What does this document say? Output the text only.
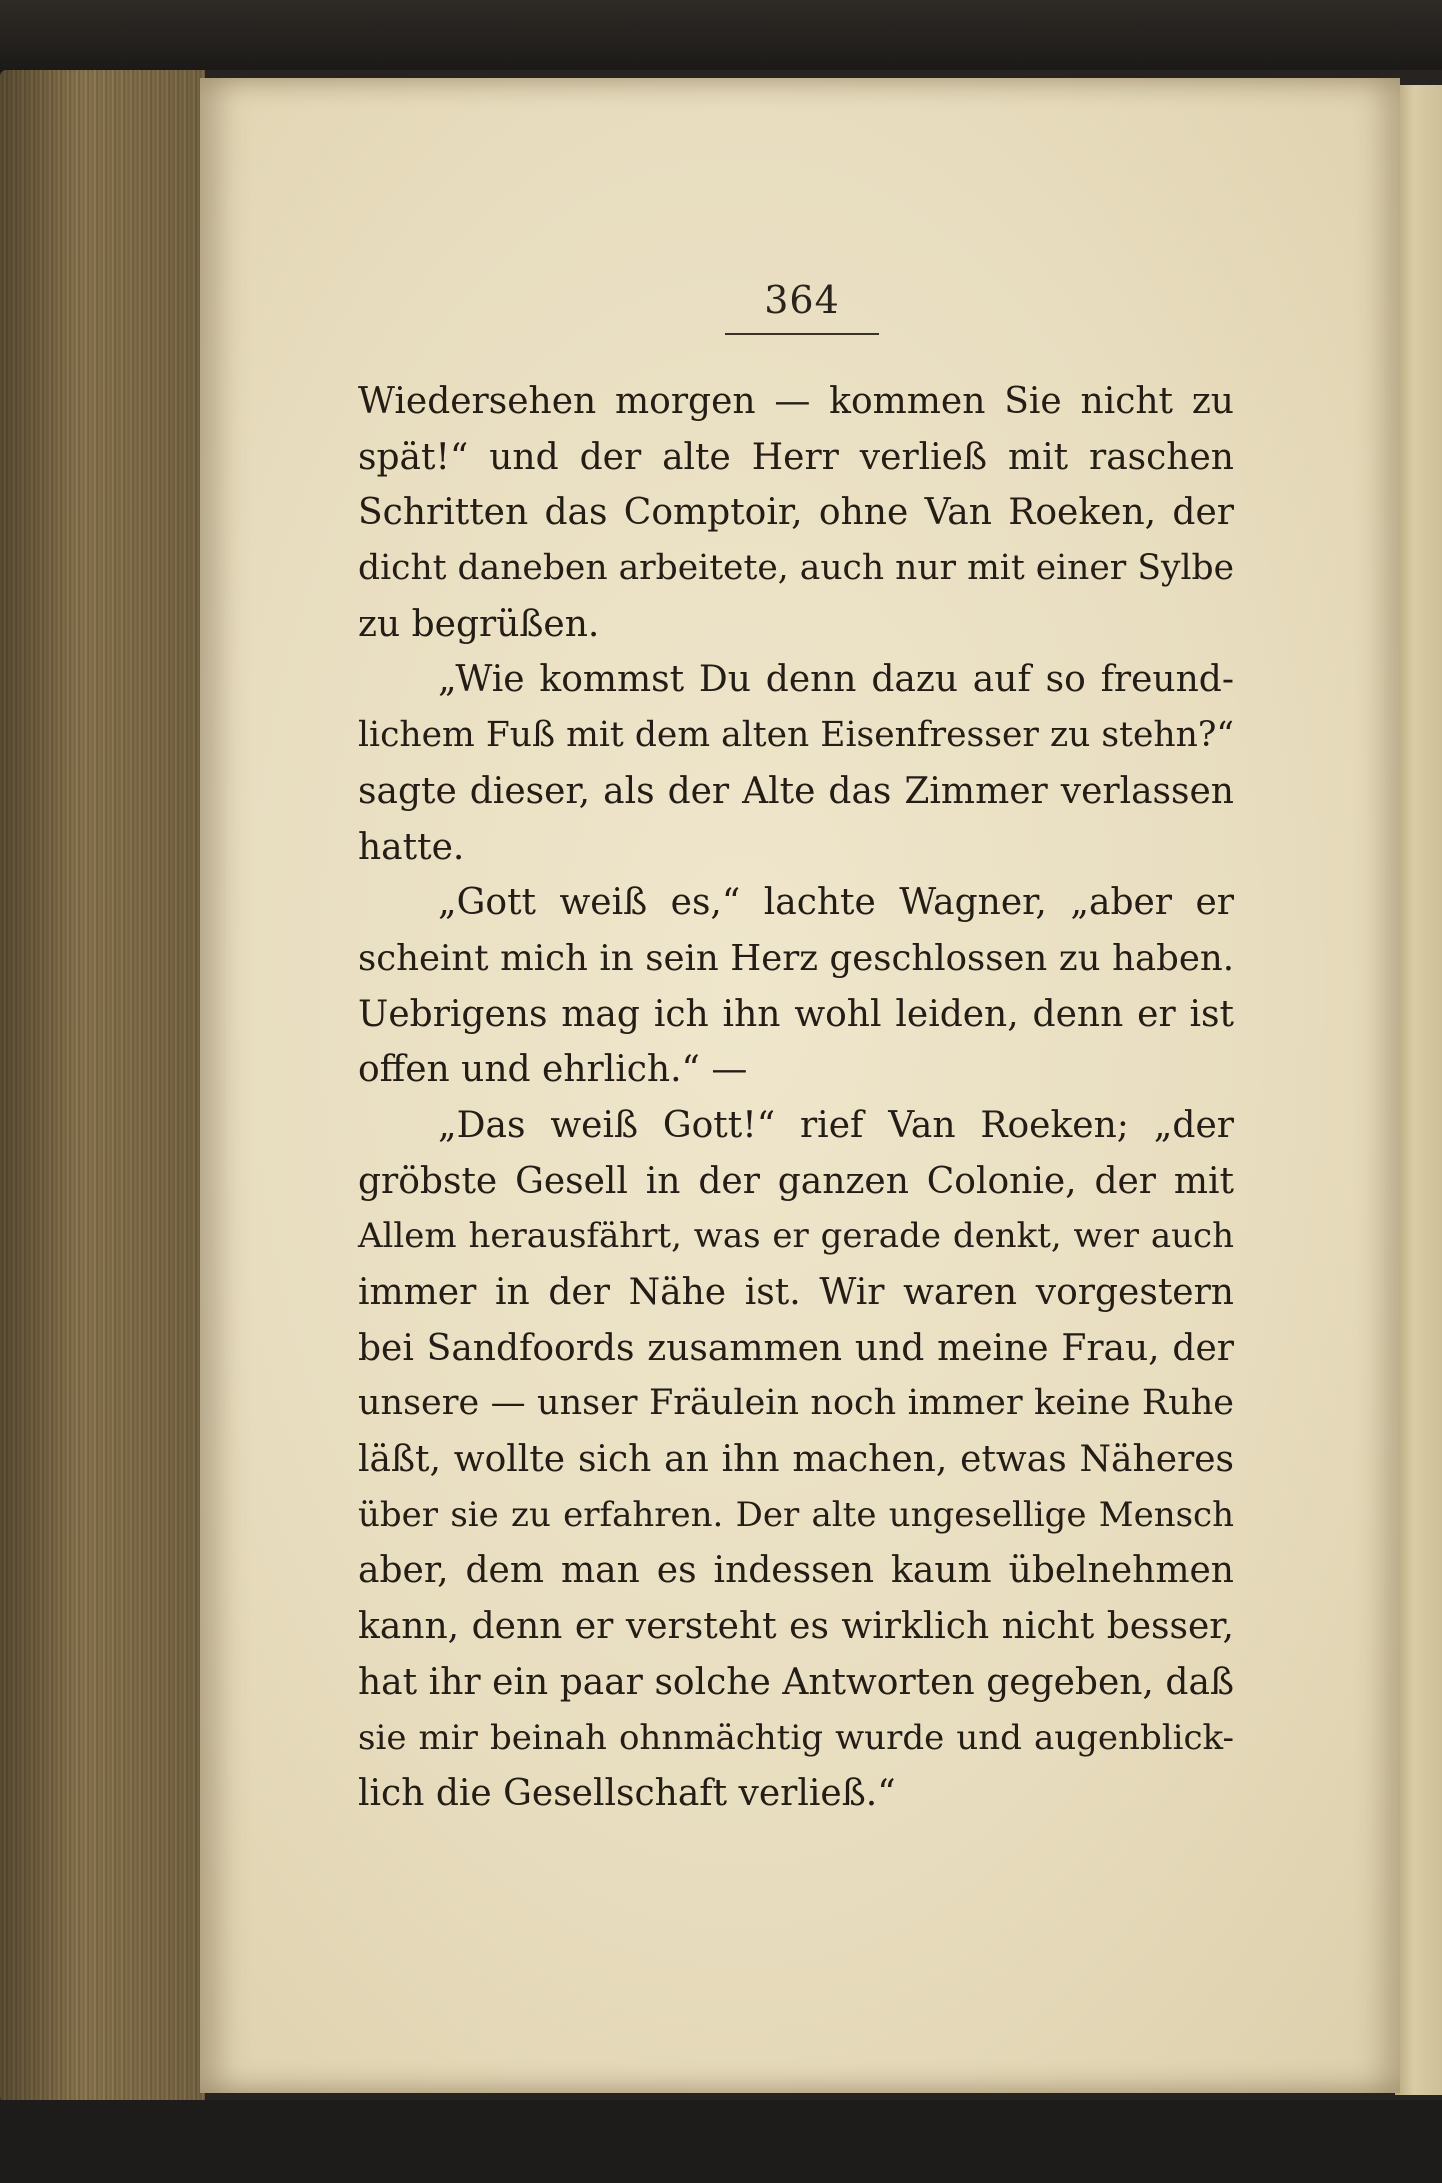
364
Wiedersehen morgen — kommen Sie nicht zu
spät!“ und der alte Herr verließ mit raschen
Schritten das Comptoir, ohne Van Roeken, der
dicht daneben arbeitete, auch nur mit einer Sylbe
zu begrüßen.
„Wie kommst Du denn dazu auf so freund-
lichem Fuß mit dem alten Eisenfresser zu stehn?“
sagte dieser, als der Alte das Zimmer verlassen
hatte.
„Gott weiß es,“ lachte Wagner, „aber er
scheint mich in sein Herz geschlossen zu haben.
Uebrigens mag ich ihn wohl leiden, denn er ist
offen und ehrlich.“ —
„Das weiß Gott!“ rief Van Roeken; „der
gröbste Gesell in der ganzen Colonie, der mit
Allem herausfährt, was er gerade denkt, wer auch
immer in der Nähe ist. Wir waren vorgestern
bei Sandfoords zusammen und meine Frau, der
unsere — unser Fräulein noch immer keine Ruhe
läßt, wollte sich an ihn machen, etwas Näheres
über sie zu erfahren. Der alte ungesellige Mensch
aber, dem man es indessen kaum übelnehmen
kann, denn er versteht es wirklich nicht besser,
hat ihr ein paar solche Antworten gegeben, daß
sie mir beinah ohnmächtig wurde und augenblick-
lich die Gesellschaft verließ.“
